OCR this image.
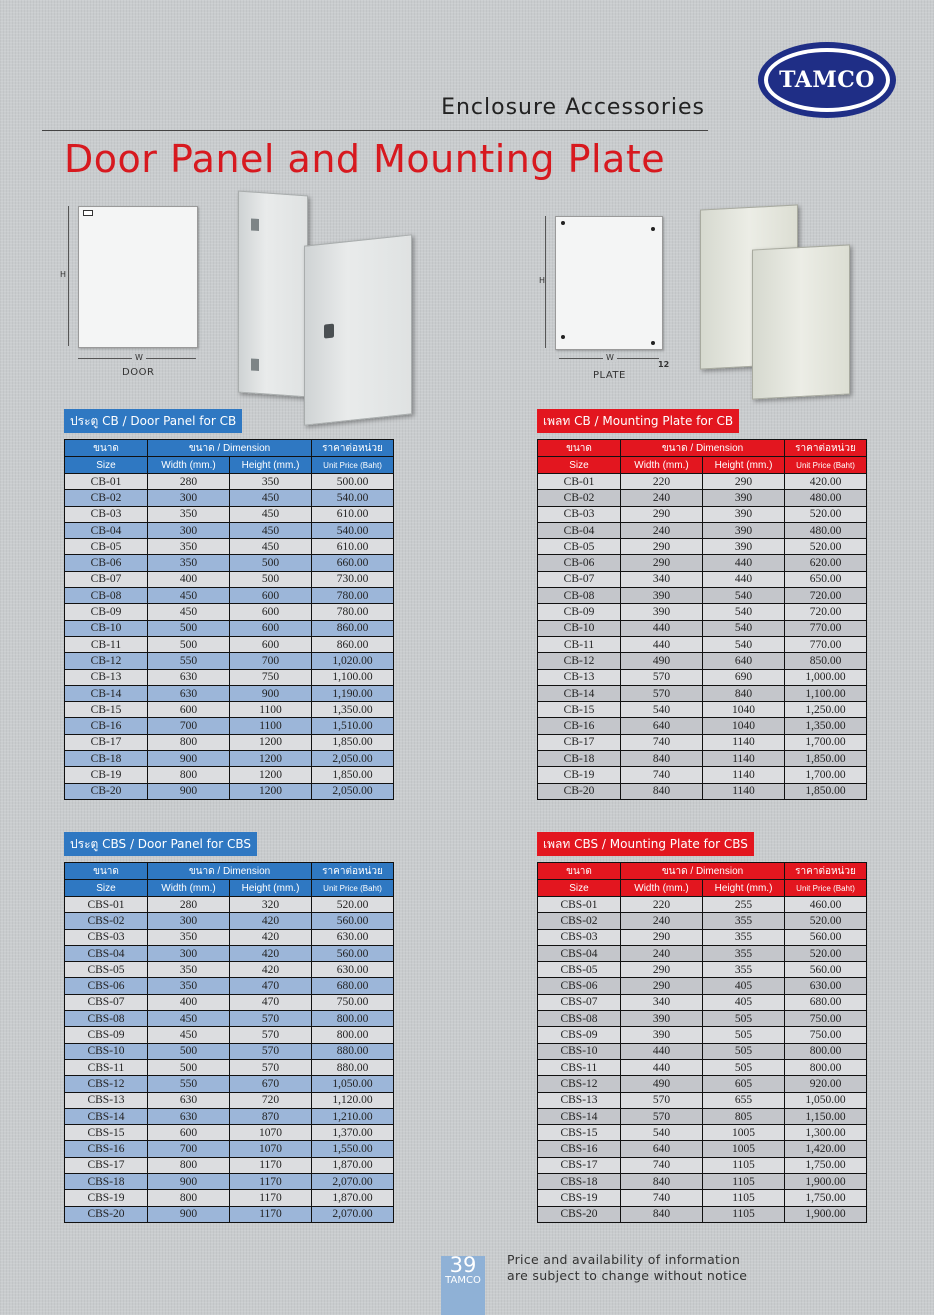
TAMCO
Enclosure Accessories
Door Panel and Mounting Plate
H
W
DOOR
H
W
12
PLATE
ประตู CB / Door Panel for CB	เพลท CB / Mounting Plate for CB
ประตู CBS / Door Panel for CBS	เพลท CBS / Mounting Plate for CBS
ขนาด	ขนาด / Dimension		ราคาต่อหน่วย
Size	Width (mm.)	Height (mm.)	Unit Price (Baht)
CB-01	280	350	500.00
CB-02	300	450	540.00
CB-03	350	450	610.00
CB-04	300	450	540.00
CB-05	350	450	610.00
CB-06	350	500	660.00
CB-07	400	500	730.00
CB-08	450	600	780.00
CB-09	450	600	780.00
CB-10	500	600	860.00
CB-11	500	600	860.00
CB-12	550	700	1,020.00
CB-13	630	750	1,100.00
CB-14	630	900	1,190.00
CB-15	600	1100	1,350.00
CB-16	700	1100	1,510.00
CB-17	800	1200	1,850.00
CB-18	900	1200	2,050.00
CB-19	800	1200	1,850.00
CB-20	900	1200	2,050.00
ขนาด	ขนาด / Dimension		ราคาต่อหน่วย
Size	Width (mm.)	Height (mm.)	Unit Price (Baht)
CB-01	220	290	420.00
CB-02	240	390	480.00
CB-03	290	390	520.00
CB-04	240	390	480.00
CB-05	290	390	520.00
CB-06	290	440	620.00
CB-07	340	440	650.00
CB-08	390	540	720.00
CB-09	390	540	720.00
CB-10	440	540	770.00
CB-11	440	540	770.00
CB-12	490	640	850.00
CB-13	570	690	1,000.00
CB-14	570	840	1,100.00
CB-15	540	1040	1,250.00
CB-16	640	1040	1,350.00
CB-17	740	1140	1,700.00
CB-18	840	1140	1,850.00
CB-19	740	1140	1,700.00
CB-20	840	1140	1,850.00
ขนาด	ขนาด / Dimension		ราคาต่อหน่วย
Size	Width (mm.)	Height (mm.)	Unit Price (Baht)
CBS-01	280	320	520.00
CBS-02	300	420	560.00
CBS-03	350	420	630.00
CBS-04	300	420	560.00
CBS-05	350	420	630.00
CBS-06	350	470	680.00
CBS-07	400	470	750.00
CBS-08	450	570	800.00
CBS-09	450	570	800.00
CBS-10	500	570	880.00
CBS-11	500	570	880.00
CBS-12	550	670	1,050.00
CBS-13	630	720	1,120.00
CBS-14	630	870	1,210.00
CBS-15	600	1070	1,370.00
CBS-16	700	1070	1,550.00
CBS-17	800	1170	1,870.00
CBS-18	900	1170	2,070.00
CBS-19	800	1170	1,870.00
CBS-20	900	1170	2,070.00
ขนาด	ขนาด / Dimension		ราคาต่อหน่วย
Size	Width (mm.)	Height (mm.)	Unit Price (Baht)
CBS-01	220	255	460.00
CBS-02	240	355	520.00
CBS-03	290	355	560.00
CBS-04	240	355	520.00
CBS-05	290	355	560.00
CBS-06	290	405	630.00
CBS-07	340	405	680.00
CBS-08	390	505	750.00
CBS-09	390	505	750.00
CBS-10	440	505	800.00
CBS-11	440	505	800.00
CBS-12	490	605	920.00
CBS-13	570	655	1,050.00
CBS-14	570	805	1,150.00
CBS-15	540	1005	1,300.00
CBS-16	640	1005	1,420.00
CBS-17	740	1105	1,750.00
CBS-18	840	1105	1,900.00
CBS-19	740	1105	1,750.00
CBS-20	840	1105	1,900.00
39
TAMCO
Price and availability of information
are subject to change without notice
